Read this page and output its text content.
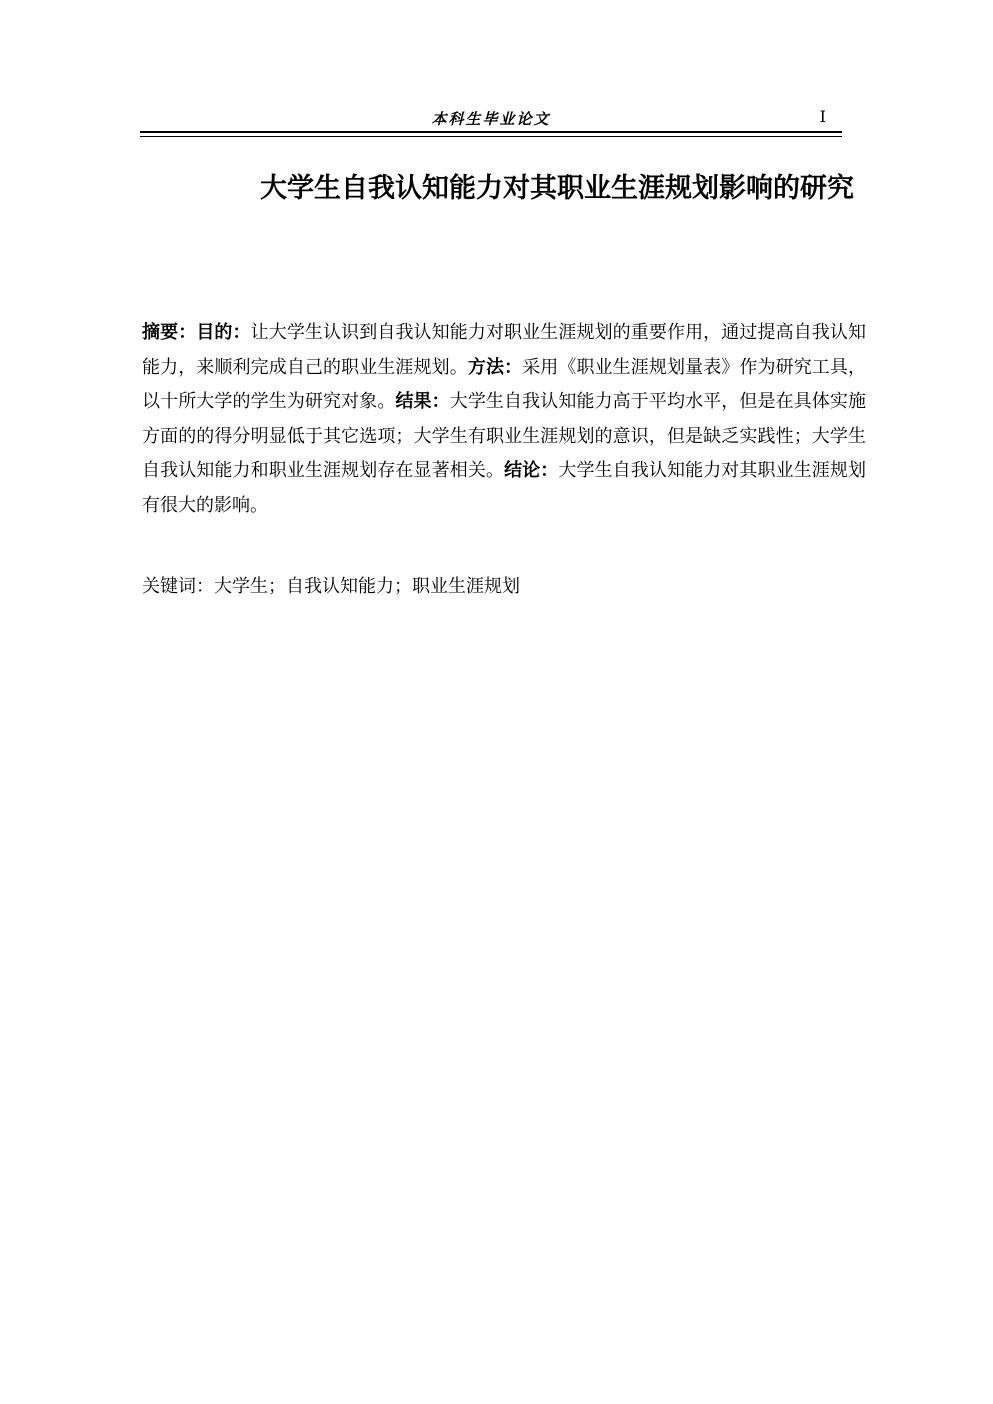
本科生毕业论文	I
大学生自我认知能力对其职业生涯规划影响的研究

摘要：目的：让大学生认识到自我认知能力对职业生涯规划的重要作用，通过提高自我认知能力，来顺利完成自己的职业生涯规划。方法：采用《职业生涯规划量表》作为研究工具，以十所大学的学生为研究对象。结果：大学生自我认知能力高于平均水平，但是在具体实施方面的的得分明显低于其它选项；大学生有职业生涯规划的意识，但是缺乏实践性；大学生自我认知能力和职业生涯规划存在显著相关。结论：大学生自我认知能力对其职业生涯规划有很大的影响。

关键词：大学生；自我认知能力；职业生涯规划
